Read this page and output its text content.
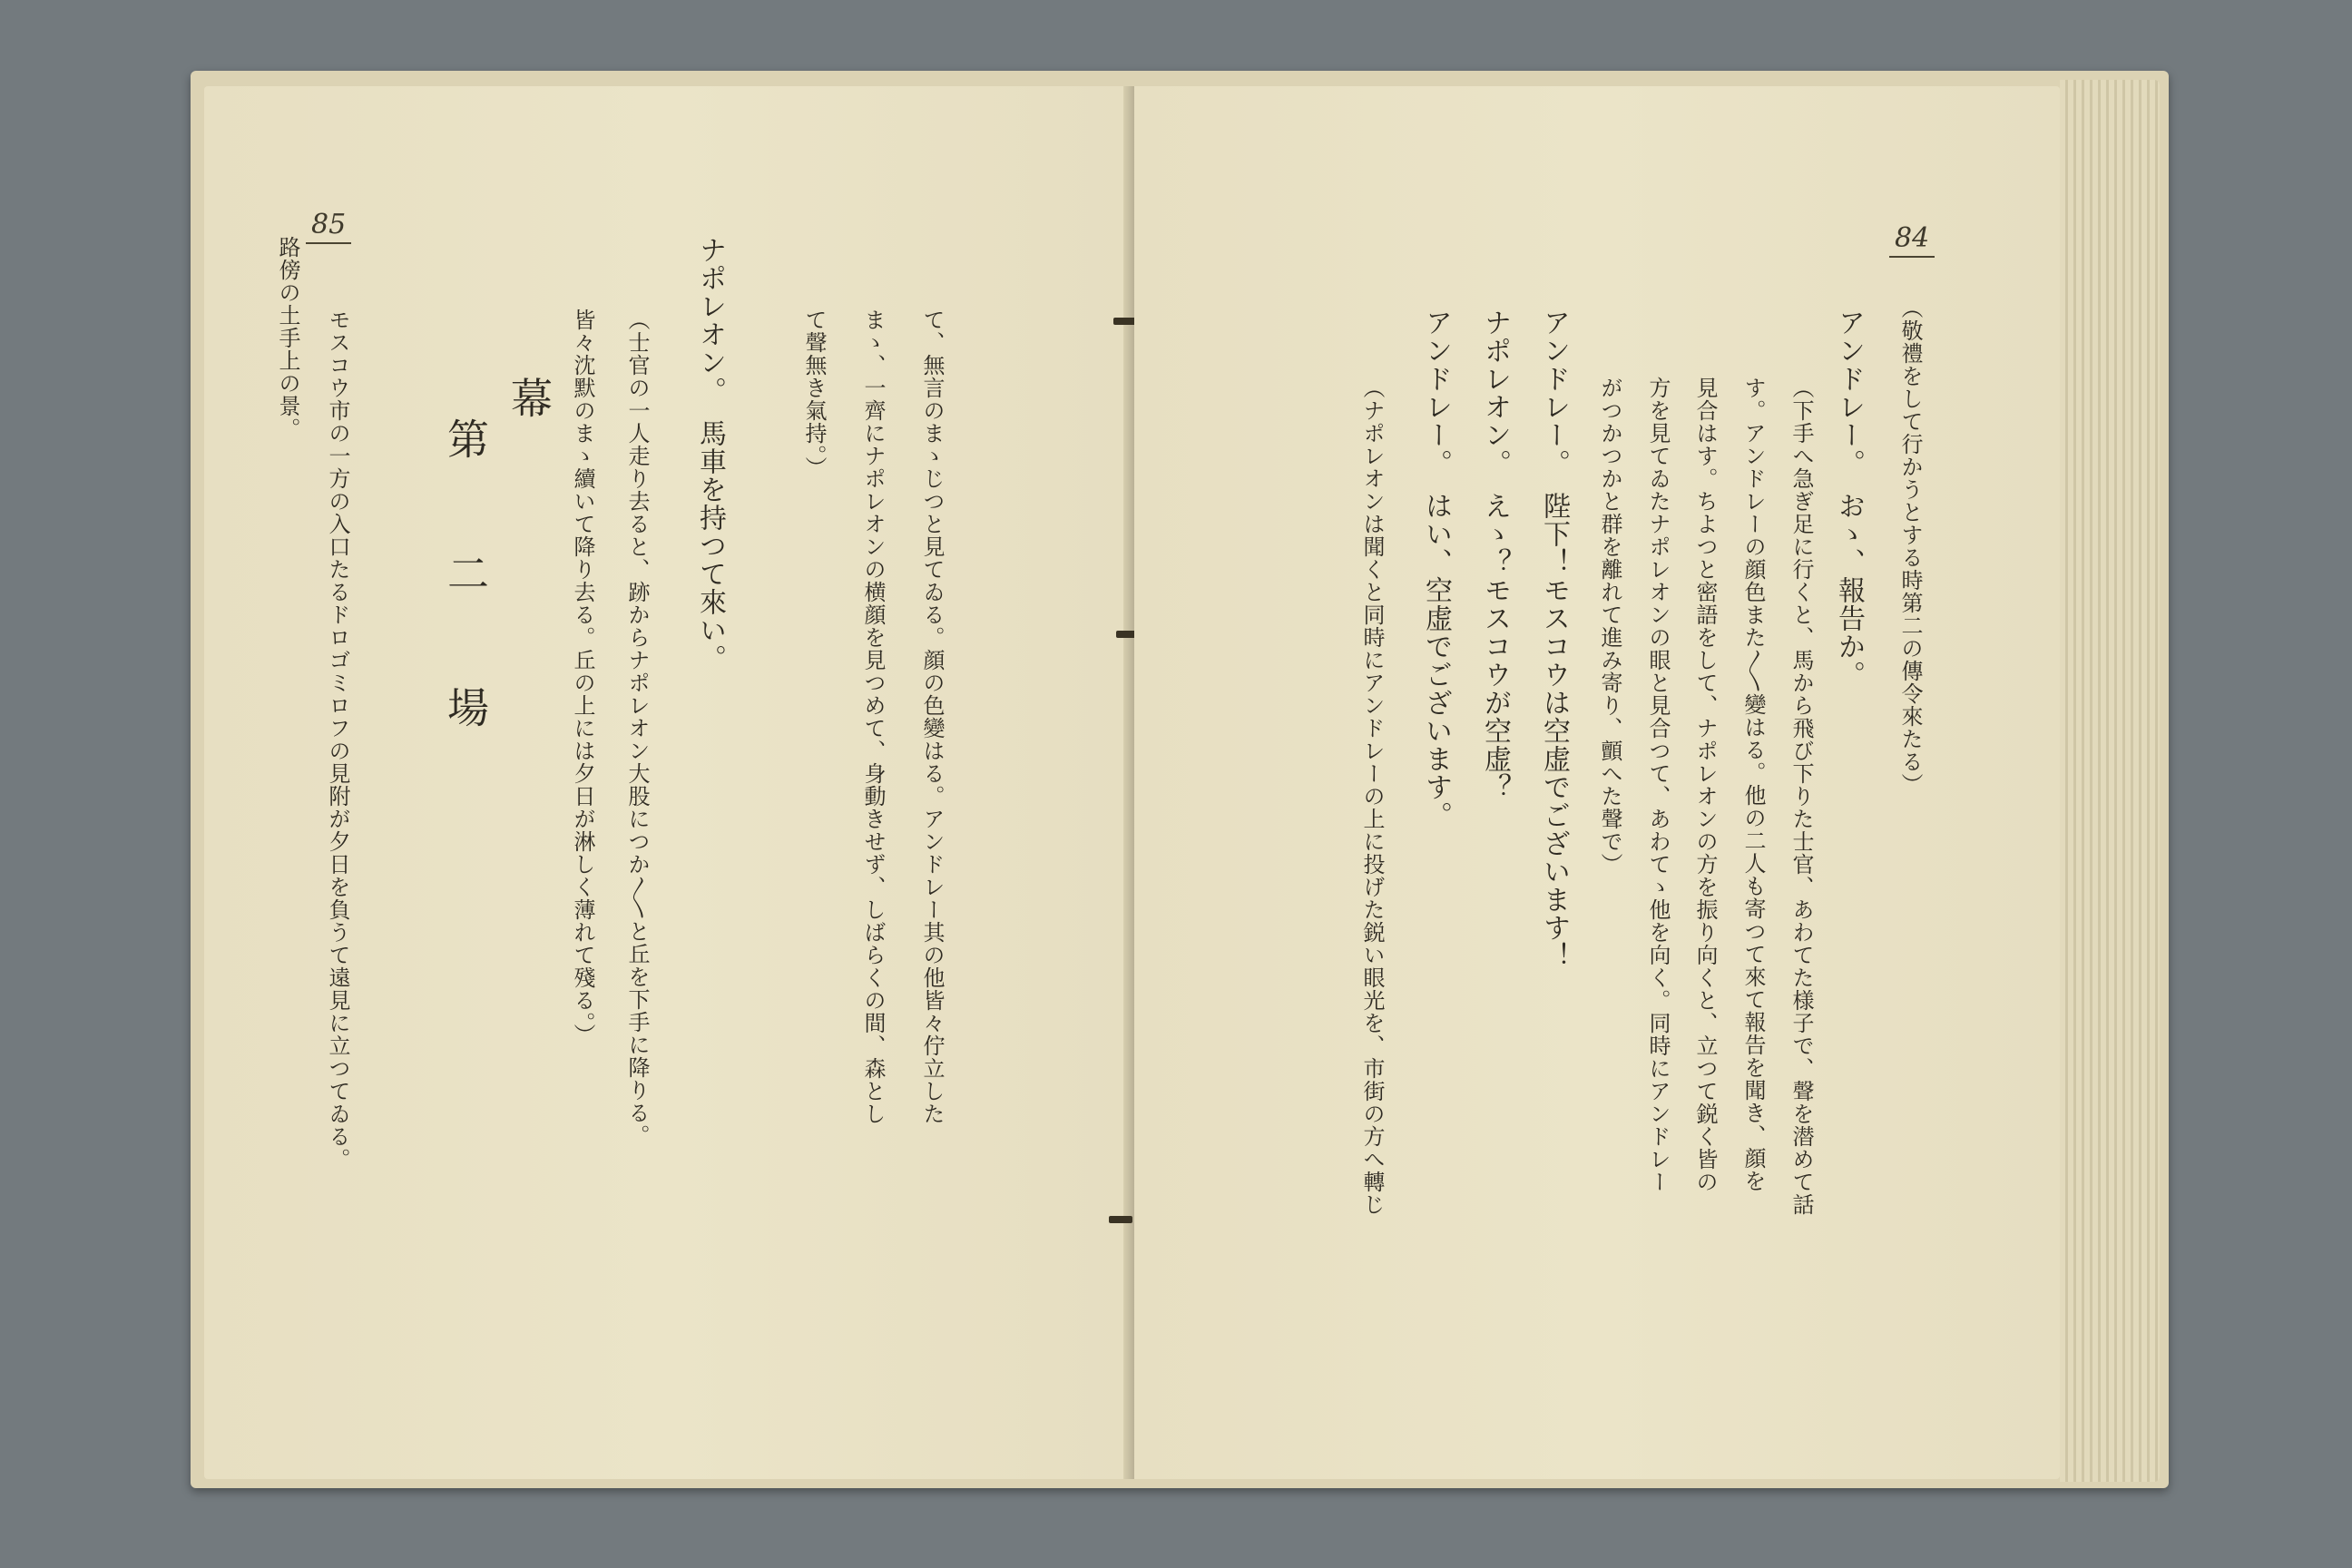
85
て、無言のまゝじつと見てゐる。顔の色變はる。アンドレー其の他皆々佇立した
まゝ、一齊にナポレオンの横顔を見つめて、身動きせず、しばらくの間、森とし
て聲無き氣持。）
ナポレオン。　馬車を持つて來い。
（士官の一人走り去ると、跡からナポレオン大股につか〱と丘を下手に降りる。
皆々沈默のまゝ續いて降り去る。丘の上には夕日が淋しく薄れて殘る。）
幕
第　二　場
モスコウ市の一方の入口たるドロゴミロフの見附が夕日を負うて遠見に立つてゐる。
路傍の土手上の景。	84
（敬禮をして行かうとする時第二の傳令來たる）
アンドレー。　おゝ、報告か。
（下手へ急ぎ足に行くと、馬から飛び下りた士官、あわてた様子で、聲を潜めて話
す。アンドレーの顔色また〱變はる。他の二人も寄つて來て報告を聞き、顔を
見合はす。ちよつと密語をして、ナポレオンの方を振り向くと、立つて鋭く皆の
方を見てゐたナポレオンの眼と見合つて、あわてゝ他を向く。同時にアンドレー
がつかつかと群を離れて進み寄り、顫へた聲で）
アンドレー。　陛下！モスコウは空虚でございます！
ナポレオン。　えゝ？モスコウが空虚？
アンドレー。　はい、空虚でございます。
（ナポレオンは聞くと同時にアンドレーの上に投げた鋭い眼光を、市街の方へ轉じ
